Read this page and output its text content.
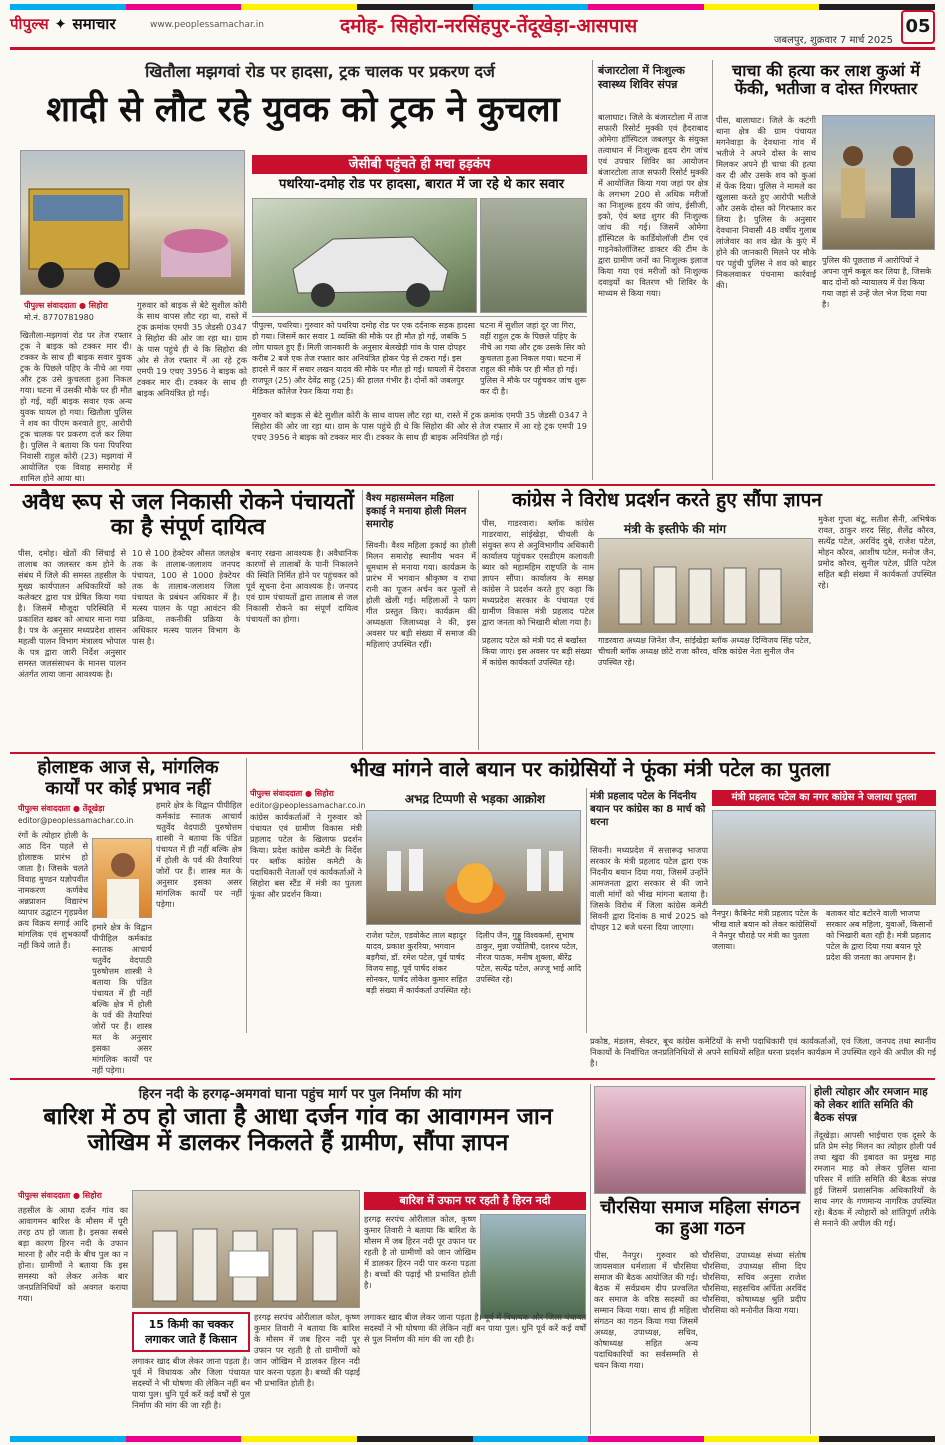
पीपुल्स ✦ समाचार	www.peoplessamachar.in	दमोह- सिहोरा-नरसिंहपुर-तेंदूखेड़ा-आसपास
जबलपुर, शुक्रवार 7 मार्च 2025
05
खितौला मझगवां रोड पर हादसा, ट्रक चालक पर प्रकरण दर्ज
शादी से लौट रहे युवक को ट्रक ने कुचला
पीपुल्स संवाददाता ● सिहोरा
मो.नं. 8770781980
खितौला-मझगवां रोड पर तेज रफ्तार ट्रक ने बाइक को टक्कर मार दी। टक्कर के साथ ही बाइक सवार युवक ट्रक के पिछले पहिए के नीचे आ गया और ट्रक उसे कुचलता हुआ निकल गया। घटना में उसकी मौके पर ही मौत हो गई, वहीं बाइक सवार एक अन्य युवक घायल हो गया। खितौला पुलिस ने शव का पीएम करवाते हुए, आरोपी ट्रक चालक पर प्रकरण दर्ज कर लिया है। पुलिस ने बताया कि पना पिपरिया निवासी राहुल कोरी (23) मझगवां में आयोजित एक विवाह समारोह में शामिल होने आया था।
गुरुवार को बाइक से बेटे सुशील कोरी के साथ वापस लौट रहा था, रास्ते में ट्रक क्रमांक एमपी 35 जेडसी 0347 ने सिहोरा की ओर जा रहा था। ग्राम के पास पहुंचे ही थे कि सिहोरा की ओर से तेज रफ्तार में आ रहे ट्रक एमपी 19 एचए 3956 ने बाइक को टक्कर मार दी। टक्कर के साथ ही बाइक अनियंत्रित हो गई।
जेसीबी पहुंचते ही मचा हड़कंप
पथरिया-दमोह रोड पर हादसा, बारात में जा रहे थे कार सवार
पीपुल्स, पथरिया। गुरुवार को पथरिया दमोह रोड पर एक दर्दनाक सड़क हादसा हो गया। जिसमें कार सवार 1 व्यक्ति की मौके पर ही मौत हो गई, जबकि 5 लोग घायल हुए हैं। मिली जानकारी के अनुसार बेलखेड़ी गांव के पास दोपहर करीब 2 बजे एक तेज रफ्तार कार अनियंत्रित होकर पेड़ से टकरा गई। इस हादसे में कार में सवार लखन यादव की मौके पर मौत हो गई। घायलों में देवराज राजपूत (25) और देवेंद्र साहू (25) की हालत गंभीर है। दोनों को जबलपुर मेडिकल कॉलेज रेफर किया गया है।
घटना में सुशील जहां दूर जा गिरा, वहीं राहुल ट्रक के पिछले पहिए के नीचे आ गया और ट्रक उसके सिर को कुचलता हुआ निकल गया। घटना में राहुल की मौके पर ही मौत हो गई। पुलिस ने मौके पर पहुंचकर जांच शुरू कर दी है।
गुरुवार को बाइक से बेटे सुशील कोरी के साथ वापस लौट रहा था, रास्ते में ट्रक क्रमांक एमपी 35 जेडसी 0347 ने सिहोरा की ओर जा रहा था। ग्राम के पास पहुंचे ही थे कि सिहोरा की ओर से तेज रफ्तार में आ रहे ट्रक एमपी 19 एचए 3956 ने बाइक को टक्कर मार दी। टक्कर के साथ ही बाइक अनियंत्रित हो गई।
बंजारटोला में निःशुल्क स्वास्थ्य शिविर संपन्न
बालाघाट। जिले के बंजारटोला में ताज सफारी रिसोर्ट मुक्की एवं हैदराबाद ओमेगा हॉस्पिटल जबलपुर के संयुक्त तत्वाधान में निःशुल्क हृदय रोग जांच एवं उपचार शिविर का आयोजन बंजारटोला ताज सफारी रिसोर्ट मुक्की में आयोजित किया गया जहां पर क्षेत्र के लगभग 200 से अधिक मरीजों का निःशुल्क हृदय की जांच, ईसीजी, इको, ऐवं ब्लड शुगर की निःशुल्क जांच की गई। जिसमें ओमेगा हॉस्पिटल के कार्डियोलॉजी टीम एवं गाइनेकोलॉजिस्ट डाक्टर की टीम के द्वारा ग्रामीण जनों का निःशुल्क इलाज किया गया एवं मरीजों को निःशुल्क दवाइयों का वितरण भी शिविर के माध्यम से किया गया।
चाचा की हत्या कर लाश कुआं में फेंकी, भतीजा व दोस्त गिरफ्तार
पीस, बालाघाट। जिले के कटंगी थाना क्षेत्र की ग्राम पंचायत मगनेवाड़ा के देवधाना गांव में भतीजे ने अपने दोस्त के साथ मिलकर अपने ही चाचा की हत्या कर दी और उसके शव को कुआं में फेंक दिया। पुलिस ने मामले का खुलासा करते हुए आरोपी भतीजे और उसके दोस्त को गिरफ्तार कर लिया है। पुलिस के अनुसार देवधाना निवासी 48 वर्षीय गुलाब लांजेवार का शव खेत के कुएं में होने की जानकारी मिलने पर मौके पर पहुंची पुलिस ने शव को बाहर निकलवाकर पंचनामा कार्रवाई की।
पुलिस की पूछताछ में आरोपियों ने अपना जुर्म कबूल कर लिया है, जिसके बाद दोनों को न्यायालय में पेश किया गया जहां से उन्हें जेल भेज दिया गया है।
अवैध रूप से जल निकासी रोकने पंचायतों का है संपूर्ण दायित्व
पीस, दमोह। खेतों की सिंचाई से तालाब का जलस्तर कम होने के संबंध में जिले की समस्त तहसील के मुख्य कार्यपालन अधिकारियों को कलेक्टर द्वारा पत्र प्रेषित किया गया है। जिसमें मौजूदा परिस्थिति में प्रकाशित खबर को आधार माना गया है। पत्र के अनुसार मध्यप्रदेश शासन महत्वी पालन विभाग मंत्रालय भोपाल के पत्र द्वारा जारी निर्देश अनुसार समस्त जलसंसाधन के मानस पालन अंतर्गत लाया जाना आवश्यक है।
10 से 100 हेक्टेयर औसत जलक्षेत्र तक के तालाब-जलाशय जनपद पंचायत, 100 से 1000 हेक्टेयर तक के तालाब-जलाशय जिला पंचायत के प्रबंधन अधिकार में है। मत्स्य पालन के पट्टा आवंटन की प्रक्रिया, तकनीकी प्रक्रिया के अधिकार मत्स्य पालन विभाग के पास है।
बनाए रखना आवश्यक है। अवैधानिक कारणों से तालाबों के पानी निकालने की स्थिति निर्मित होने पर पहुंचकर को पूर्व सूचना देना आवश्यक है। जनपद एवं ग्राम पंचायतों द्वारा तालाब से जल निकासी रोकने का संपूर्ण दायित्व पंचायतों का होगा।
वैश्य महासम्मेलन महिला इकाई ने मनाया होली मिलन समारोह
सिवनी। वैश्य महिला इकाई का होली मिलन समारोह स्थानीय भवन में धूमधाम से मनाया गया। कार्यक्रम के प्रारंभ में भगवान श्रीकृष्ण व राधा रानी का पूजन अर्चन कर फूलों से होली खेली गई। महिलाओं ने फाग गीत प्रस्तुत किए। कार्यक्रम की अध्यक्षता जिलाध्यक्ष ने की, इस अवसर पर बड़ी संख्या में समाज की महिलाएं उपस्थित रहीं।
कांग्रेस ने विरोध प्रदर्शन करते हुए सौंपा ज्ञापन
मंत्री के इस्तीफे की मांग
पीस, गाडरवारा। ब्लॉक कांग्रेस गाडरवारा, सांईखेड़ा, चीचली के संयुक्त रूप से अनुविभागीय अधिकारी कार्यालय पहुंचकर एसडीएम कलावती ब्यार को महामहिम राष्ट्रपति के नाम ज्ञापन सौंपा। कार्यालय के समक्ष कांग्रेस ने प्रदर्शन करते हुए कहा कि मध्यप्रदेश सरकार के पंचायत एवं ग्रामीण विकास मंत्री प्रहलाद पटेल द्वारा जनता को भिखारी बोला गया है।
प्रहलाद पटेल को मंत्री पद से बर्खास्त किया जाए। इस अवसर पर बड़ी संख्या में कांग्रेस कार्यकर्ता उपस्थित रहे।
गाडरवारा अध्यक्ष जिनेश जैन, सांईखेड़ा ब्लॉक अध्यक्ष दिग्विजय सिंह पटेल, चीचली ब्लॉक अध्यक्ष छोटे राजा कौरव, वरिष्ठ कांग्रेस नेता सुनील जैन उपस्थित रहे।
मुकेश गुप्ता बंटू, सतीश सैनी, अभिषेक रावत, ठाकुर शरद सिंह, शैलेंद्र कौरव, सत्येंद्र पटेल, अरविंद दुबे, राजेश पटेल, मोहन कौरव, आशीष पटेल, मनोज जैन, प्रमोद कौरव, सुनील पटेल, प्रीति पटेल सहित बड़ी संख्या में कार्यकर्ता उपस्थित रहे।
होलाष्टक आज से, मांगलिक कार्यों पर कोई प्रभाव नहीं
पीपुल्स संवाददाता ● तेंदूखेड़ा
editor@peoplessamachar.co.in
रंगों के त्योहार होली के आठ दिन पहले से होलाष्टक प्रारंभ हो जाता है। जिसके चलते विवाह मुण्डन यज्ञोपवीत नामकरण कर्णवेध अन्नप्राशन विद्यारंभ व्यापार उद्घाटन गृहप्रवेश क्रय विक्रय सगाई आदि मांगलिक एवं शुभकार्यों नहीं किये जाते हैं।
हमारे क्षेत्र के विद्वान पीपीहिल कर्मकांड स्नातक आचार्य चतुर्वेद वेदपाठी पुरुषोत्तम शास्त्री ने बताया कि पंडित पंचायत में ही नहीं बल्कि क्षेत्र में होली के पर्व की तैयारियां जोरों पर हैं। शास्त्र मत के अनुसार इसका असर मांगलिक कार्यों पर नहीं पड़ेगा।
हमारे क्षेत्र के विद्वान पीपीहिल कर्मकांड स्नातक आचार्य चतुर्वेद वेदपाठी पुरुषोत्तम शास्त्री ने बताया कि पंडित पंचायत में ही नहीं बल्कि क्षेत्र में होली के पर्व की तैयारियां जोरों पर हैं। शास्त्र मत के अनुसार इसका असर मांगलिक कार्यों पर नहीं पड़ेगा।
भीख मांगने वाले बयान पर कांग्रेसियों ने फूंका मंत्री पटेल का पुतला
पीपुल्स संवाददाता ● सिहोरा
editor@peoplessamachar.co.in	अभद्र टिप्पणी से भड़का आक्रोश
कांग्रेस कार्यकर्ताओं ने गुरुवार को पंचायत एवं ग्रामीण विकास मंत्री प्रहलाद पटेल के खिलाफ प्रदर्शन किया। प्रदेश कांग्रेस कमेटी के निर्देश पर ब्लॉक कांग्रेस कमेटी के पदाधिकारी नेताओं एवं कार्यकर्ताओं ने सिहोरा बस स्टैंड में मंत्री का पुतला फूंका और प्रदर्शन किया।
राजेश पटेल, एडवोकेट लाल बहादुर यादव, प्रकाश कुररिया, भगवान बड़गैयां, डॉ. रमेश पटेल, पूर्व पार्षद विजय साहू, पूर्व पार्षद शंकर सोनकर, पार्षद लोकेश कुमार सहित बड़ी संख्या में कार्यकर्ता उपस्थित रहे।
दिलीप जैन, गुड्डू विश्वकर्मा, सुभाष ठाकुर, मुन्ना ज्योतिषी, दशरथ पटेल, नीरज पाठक, मनीष शुक्ला, बीरेंद्र पटेल, सत्येंद्र पटेल, अज्जू भाई आदि उपस्थित रहे।
मंत्री प्रहलाद पटेल के निंदनीय बयान पर कांग्रेस का 8 मार्च को धरना
सिवनी। मध्यप्रदेश में सत्तारूढ़ भाजपा सरकार के मंत्री प्रहलाद पटेल द्वारा एक निंदनीय बयान दिया गया, जिसमें उन्होंने आमजनता द्वारा सरकार से की जाने वाली मांगों को भीख मांगना बताया है। जिसके विरोध में जिला कांग्रेस कमेटी सिवनी द्वारा दिनांक 8 मार्च 2025 को दोपहर 12 बजे धरना दिया जाएगा।
मंत्री प्रहलाद पटेल का नगर कांग्रेस ने जलाया पुतला
नैनपुर। कैबिनेट मंत्री प्रहलाद पटेल के भीख वाले बयान को लेकर कांग्रेसियों ने नैनपुर चौराहे पर मंत्री का पुतला जलाया।
बताकर वोट बटोरने वाली भाजपा सरकार अब महिला, युवाओं, किसानों को भिखारी बता रही है। मंत्री प्रहलाद पटेल के द्वारा दिया गया बयान पूरे प्रदेश की जनता का अपमान है।
प्रकोष्ठ, मंडलम, सेक्टर, बूथ कांग्रेस कमेटियों के सभी पदाधिकारी एवं कार्यकर्ताओं, एवं जिला, जनपद तथा स्थानीय निकायों के निर्वाचित जनप्रतिनिधियों से अपने साथियों सहित धरना प्रदर्शन कार्यक्रम में उपस्थित रहने की अपील की गई है।
हिरन नदी के हरगढ़-अमगवां घाना पहुंच मार्ग पर पुल निर्माण की मांग
बारिश में ठप हो जाता है आधा दर्जन गांव का आवागमन जान जोखिम में डालकर निकलते हैं ग्रामीण, सौंपा ज्ञापन
पीपुल्स संवाददाता ● सिहोरा
तहसील के आधा दर्जन गांव का आवागमन बारिश के मौसम में पूरी तरह ठप हो जाता है। इसका सबसे बड़ा कारण हिरन नदी के उफान मारना है और नदी के बीच पुल का न होना। ग्रामीणों ने बताया कि इस समस्या को लेकर अनेक बार जनप्रतिनिधियों को अवगत कराया गया।
15 किमी का चक्कर लगाकर जाते हैं किसान
लगाकर खाद बीज लेकर जाना पड़ता है। पूर्व में विधायक और जिला पंचायत सदस्यों ने भी घोषणा की लेकिन नहीं बन पाया पुल। धुनि पूर्व करें कई वर्षों से पुल निर्माण की मांग की जा रही है।
हरगढ़ सरपंच ओरीलाल कोल, कृष्ण कुमार तिवारी ने बताया कि बारिश के मौसम में जब हिरन नदी पूर उफान पर रहती है तो ग्रामीणों को जान जोखिम में डालकर हिरन नदी पार करना पड़ता है। बच्चों की पढ़ाई भी प्रभावित होती है।
बारिश में उफान पर रहती है हिरन नदी
हरगढ़ सरपंच ओरीलाल कोल, कृष्ण कुमार तिवारी ने बताया कि बारिश के मौसम में जब हिरन नदी पूर उफान पर रहती है तो ग्रामीणों को जान जोखिम में डालकर हिरन नदी पार करना पड़ता है। बच्चों की पढ़ाई भी प्रभावित होती है।
लगाकर खाद बीज लेकर जाना पड़ता है। पूर्व में विधायक और जिला पंचायत सदस्यों ने भी घोषणा की लेकिन नहीं बन पाया पुल। धुनि पूर्व करें कई वर्षों से पुल निर्माण की मांग की जा रही है।
चौरसिया समाज महिला संगठन का हुआ गठन
पीस, नैनपुर। गुरुवार को जायसवाल धर्मशाला में चौरसिया समाज की बैठक आयोजित की गई। बैठक में सर्वप्रथम दीप प्रज्वलित कर समाज के वरिष्ठ सदस्यों का सम्मान किया गया। साथ ही महिला संगठन का गठन किया गया जिसमें अध्यक्ष, उपाध्यक्ष, सचिव, कोषाध्यक्ष सहित अन्य पदाधिकारियों का सर्वसम्मति से चयन किया गया।
चौरसिया, उपाध्यक्ष संध्या संतोष चौरसिया, उपाध्यक्ष सीमा दिप चौरसिया, सचिव अनुसा राजेश चौरसिया, सहसचिव अर्पिता अरविंद चौरसिया, कोषाध्यक्ष श्रुति प्रदीप चौरसिया को मनोनीत किया गया।
होली त्योहार और रमजान माह को लेकर शांति समिति की बैठक संपन्न
तेंदूखेड़ा। आपसी भाईचारा एक दूसरे के प्रति प्रेम स्नेह मिलन का त्योहार होली पर्व तथा खुदा की इबादत का प्रमुख माह रमजान माह को लेकर पुलिस थाना परिसर में शांति समिति की बैठक संपन्न हुई जिसमें प्रशासनिक अधिकारियों के साथ नगर के गणमान्य नागरिक उपस्थित रहे। बैठक में त्योहारों को शांतिपूर्ण तरीके से मनाने की अपील की गई।
